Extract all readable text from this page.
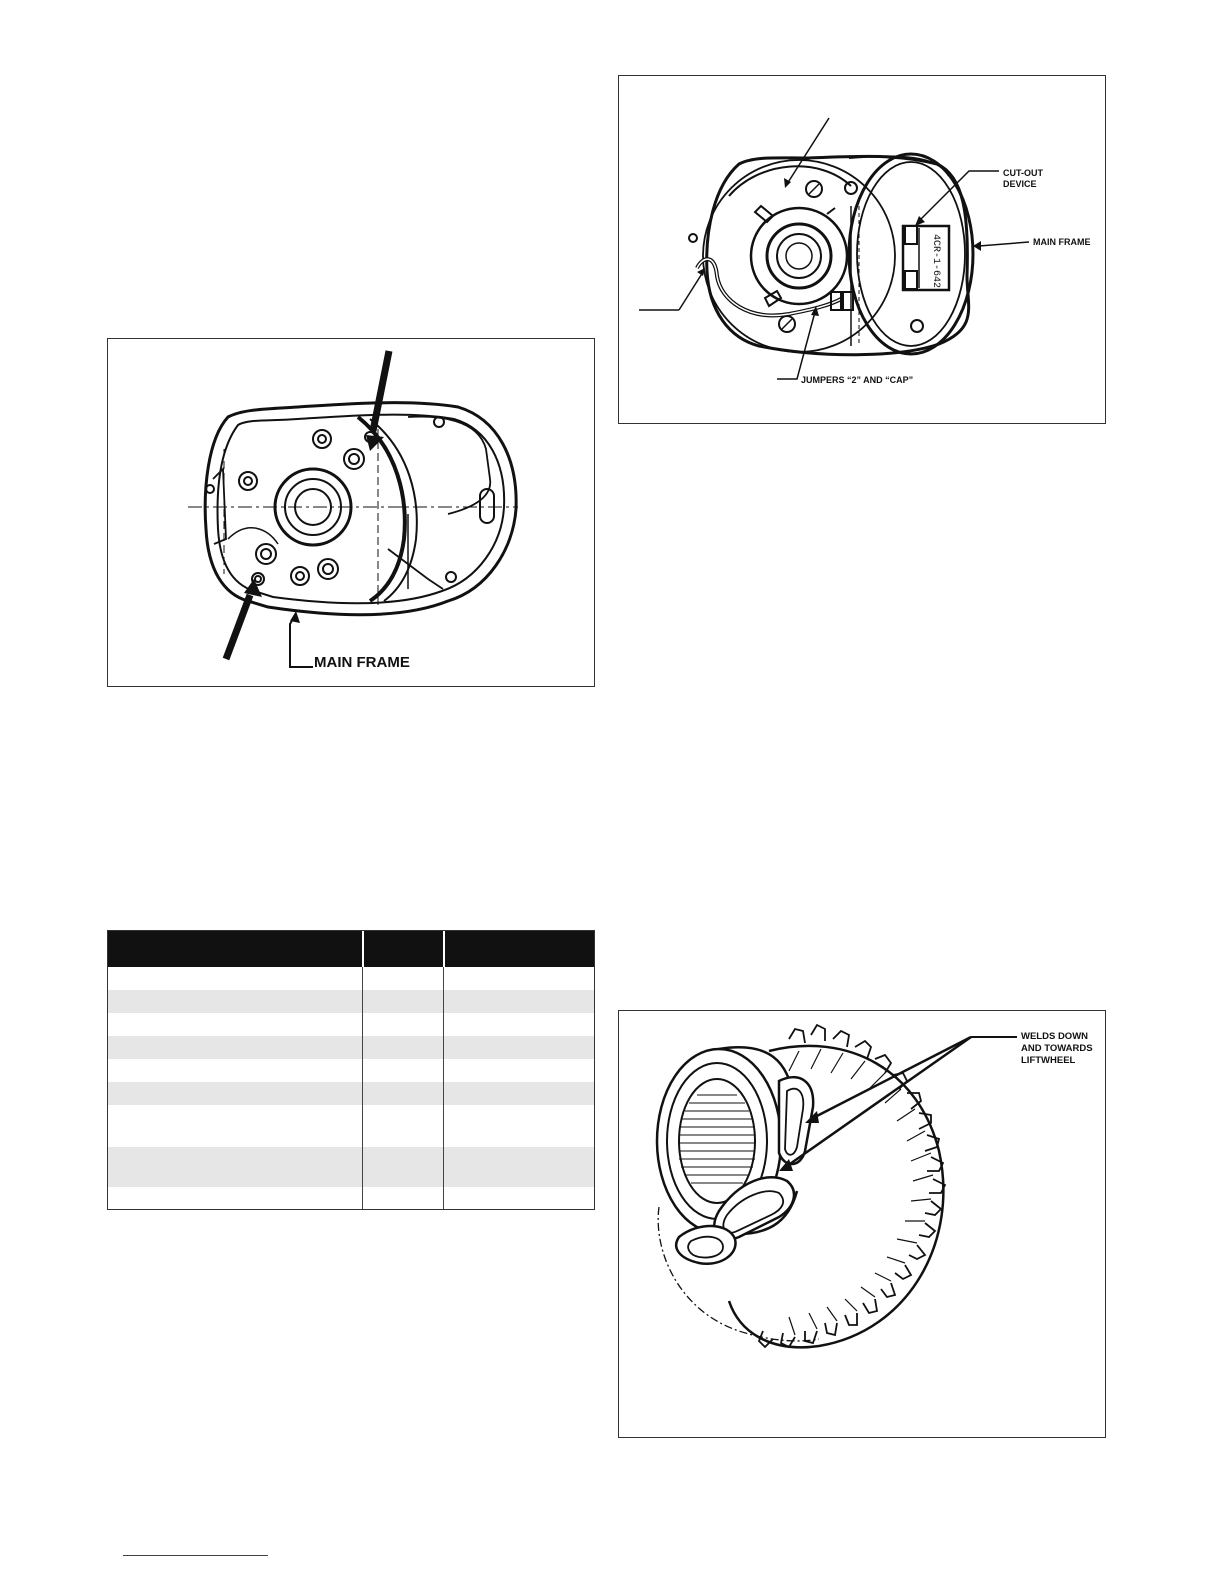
MAIN FRAME
CUT-OUT
DEVICE
MAIN FRAME
JUMPERS “2” AND “CAP”
4CR-1-642
WELDS DOWN
AND TOWARDS
LIFTWHEEL
